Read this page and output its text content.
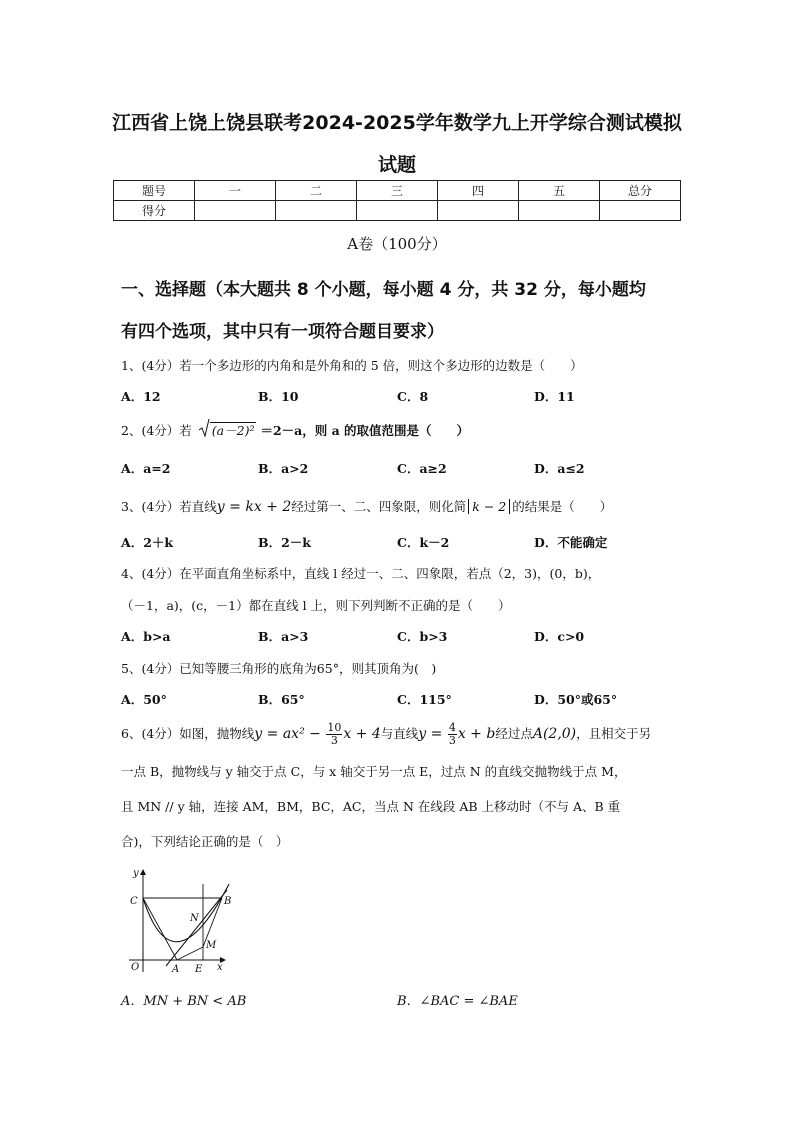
江西省上饶上饶县联考2024-2025学年数学九上开学综合测试模拟
试题
题号	一	二	三	四	五	总分
得分						
A卷（100分）
一、选择题（本大题共 8 个小题，每小题 4 分，共 32 分，每小题均
有四个选项，其中只有一项符合题目要求）
1、(4分）若一个多边形的内角和是外角和的 5 倍，则这个多边形的边数是（　　）
A．12	B．10	C．8	D．11
2、(4分）若 (a－2)² ＝2－a，则 a 的取值范围是（　　）
A．a=2	B．a>2	C．a≥2	D．a≤2
3、(4分）若直线y = kx + 2经过第一、二、四象限，则化简 k − 2 的结果是（　　）
A．2＋k	B．2－k	C．k－2	D．不能确定
4、(4分）在平面直角坐标系中，直线 l 经过一、二、四象限，若点（2，3)，(0，b)，
（－1，a)，(c，－1）都在直线 l 上，则下列判断不正确的是（　　）
A．b>a	B．a>3	C．b>3	D．c>0
5、(4分）已知等腰三角形的底角为65°，则其顶角为(　)
A．50°	B．65°	C．115°	D．50°或65°
6、(4分）如图，抛物线$y = ax^2 - \frac{10}{3}$ x + 4与直线$y = \frac{4}{3}$ x + b经过点A(2,0)，且相交于另
一点 B，抛物线与 y 轴交于点 C，与 x 轴交于另一点 E，过点 N 的直线交抛物线于点 M，
且 MN // y 轴，连接 AM，BM，BC，AC，当点 N 在线段 AB 上移动时（不与 A、B 重
合)，下列结论正确的是（　）
y
x
C
N
B
M
O	A E
A．MN + BN < AB	B．∠BAC = ∠BAE
